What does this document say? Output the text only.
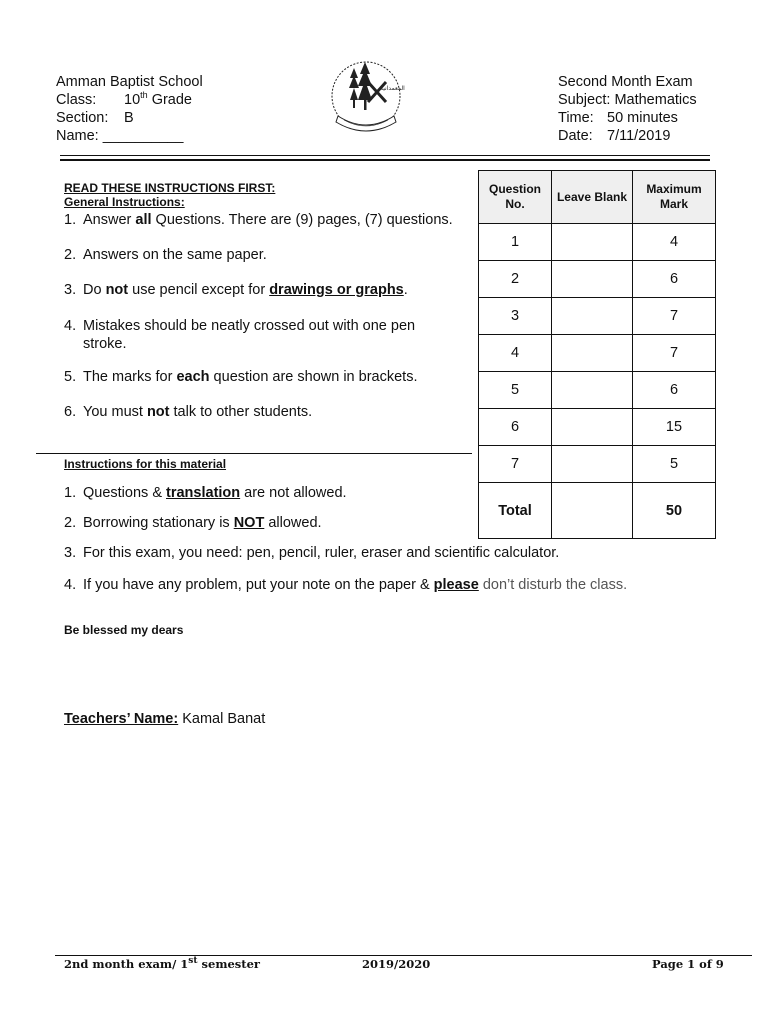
Amman Baptist School
Class: 10th Grade
Section: B
Name: __________
ﺍﻟﻤﻌﻤﺪﺍﻧﻴﺔ	Second Month Exam
Subject: Mathematics
Time: 50 minutes
Date: 7/11/2019
READ THESE INSTRUCTIONS FIRST:
General Instructions:
1. Answer all Questions. There are (9) pages, (7) questions.
2. Answers on the same paper.
3. Do not use pencil except for drawings or graphs.
4. Mistakes should be neatly crossed out with one pen
stroke.
5. The marks for each question are shown in brackets.
6. You must not talk to other students.
Instructions for this material
1. Questions & translation are not allowed.
2. Borrowing stationary is NOT allowed.
3. For this exam, you need: pen, pencil, ruler, eraser and scientific calculator.
4. If you have any problem, put your note on the paper & please don’t disturb the class.
Be blessed my dears
Teachers’ Name: Kamal Banat
Question No.	Leave Blank	Maximum Mark
1		4
2		6
3		7
4		7
5		6
6		15
7		5
Total		50
2nd month exam/ 1st semester	2019/2020	Page 1 of 9
